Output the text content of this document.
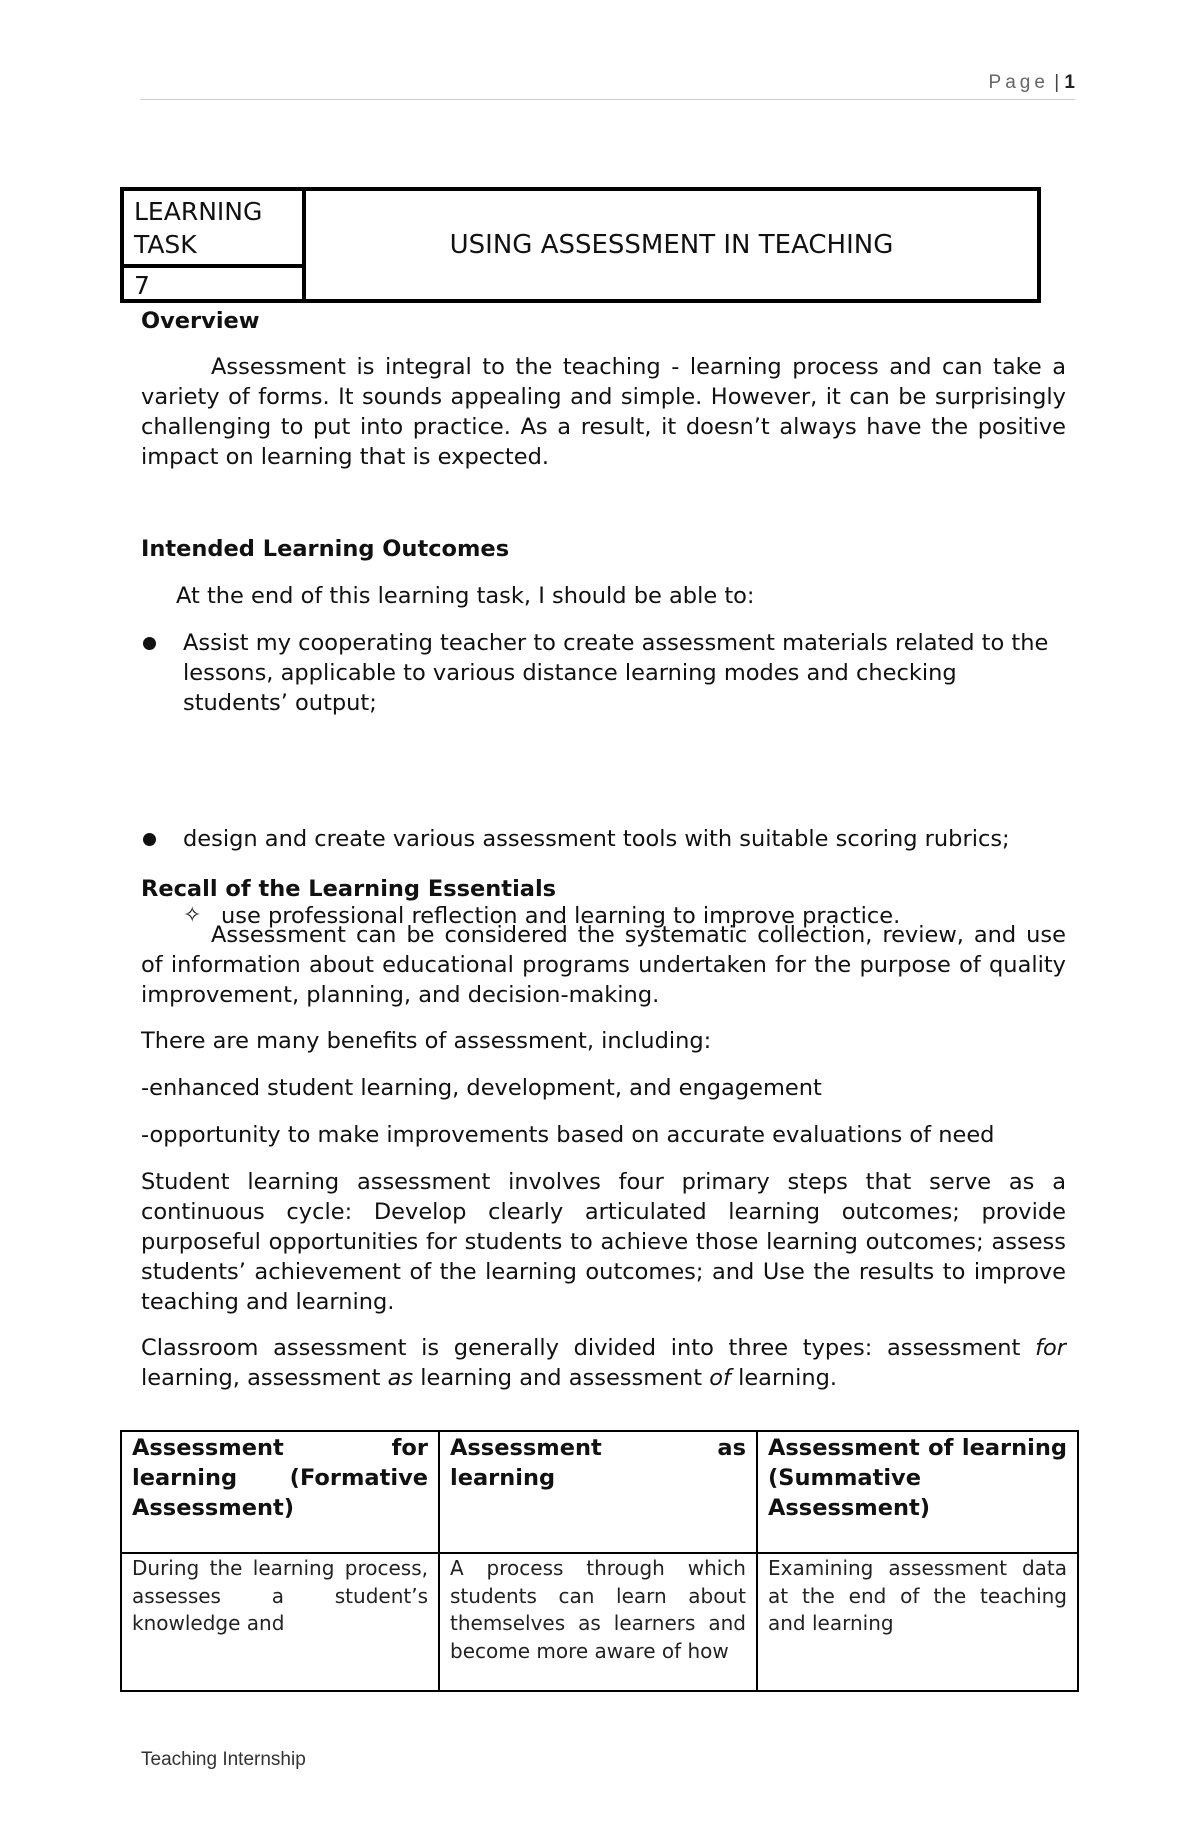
Page | 1
LEARNING TASK
7
USING ASSESSMENT IN TEACHING
Overview
Assessment is integral to the teaching - learning process and can take a variety of forms. It sounds appealing and simple. However, it can be surprisingly challenging to put into practice. As a result, it doesn’t always have the positive impact on learning that is expected.
Intended Learning Outcomes
At the end of this learning task, I should be able to:
Assist my cooperating teacher to create assessment materials related to the lessons, applicable to various distance learning modes and checking students’ output;
design and create various assessment tools with suitable scoring rubrics;
✧ use professional reflection and learning to improve practice.
Recall of the Learning Essentials
Assessment can be considered the systematic collection, review, and use of information about educational programs undertaken for the purpose of quality improvement, planning, and decision-making.
There are many benefits of assessment, including:
-enhanced student learning, development, and engagement
-opportunity to make improvements based on accurate evaluations of need
Student learning assessment involves four primary steps that serve as a continuous cycle: Develop clearly articulated learning outcomes; provide purposeful opportunities for students to achieve those learning outcomes; assess students’ achievement of the learning outcomes; and Use the results to improve teaching and learning.
Classroom assessment is generally divided into three types: assessment for learning, assessment as learning and assessment of learning.
Assessment for learning (Formative Assessment)	Assessment as learning	Assessment of learning (Summative Assessment)
During the learning process, assesses a student’s knowledge and	A process through which students can learn about themselves as learners and become more aware of how	Examining assessment data at the end of the teaching and learning
Teaching Internship
